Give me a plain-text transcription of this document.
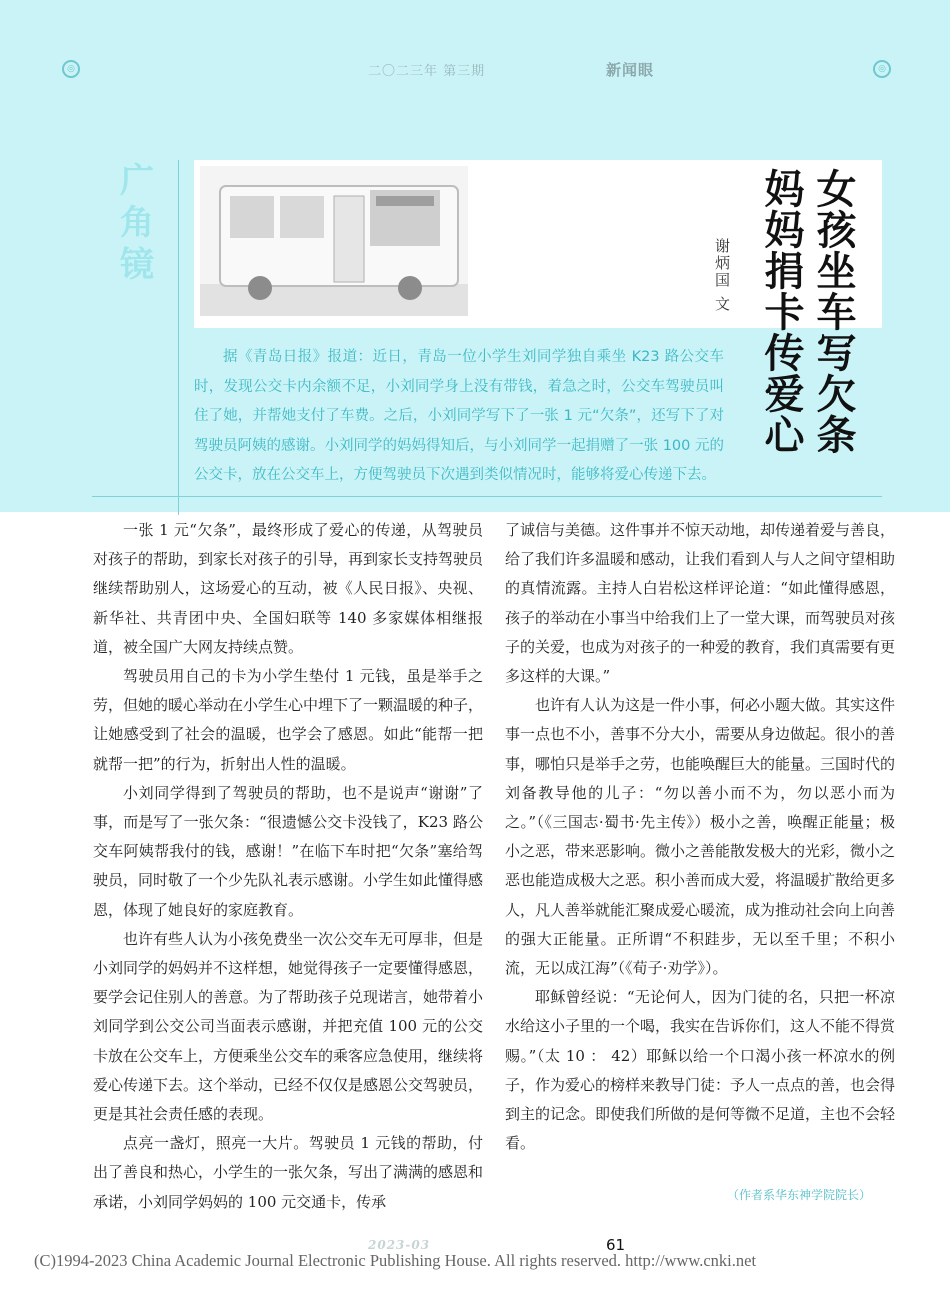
◎	◎
二〇二三年 第三期	新闻眼
广角镜	女孩坐车写欠条
妈妈捐卡传爱心
谢炳国 文

据《青岛日报》报道：近日，青岛一位小学生刘同学独自乘坐 K23 路公交车时，发现公交卡内余额不足，小刘同学身上没有带钱，着急之时，公交车驾驶员叫住了她，并帮她支付了车费。之后，小刘同学写下了一张 1 元“欠条”，还写下了对驾驶员阿姨的感谢。小刘同学的妈妈得知后，与小刘同学一起捐赠了一张 100 元的公交卡，放在公交车上，方便驾驶员下次遇到类似情况时，能够将爱心传递下去。

一张 1 元“欠条”，最终形成了爱心的传递，从驾驶员对孩子的帮助，到家长对孩子的引导，再到家长支持驾驶员继续帮助别人，这场爱心的互动，被《人民日报》、央视、新华社、共青团中央、全国妇联等 140 多家媒体相继报道，被全国广大网友持续点赞。

驾驶员用自己的卡为小学生垫付 1 元钱，虽是举手之劳，但她的暖心举动在小学生心中埋下了一颗温暖的种子，让她感受到了社会的温暖，也学会了感恩。如此“能帮一把就帮一把”的行为，折射出人性的温暖。

小刘同学得到了驾驶员的帮助，也不是说声“谢谢”了事，而是写了一张欠条：“很遗憾公交卡没钱了，K23 路公交车阿姨帮我付的钱，感谢！”在临下车时把“欠条”塞给驾驶员，同时敬了一个少先队礼表示感谢。小学生如此懂得感恩，体现了她良好的家庭教育。

也许有些人认为小孩免费坐一次公交车无可厚非，但是小刘同学的妈妈并不这样想，她觉得孩子一定要懂得感恩，要学会记住别人的善意。为了帮助孩子兑现诺言，她带着小刘同学到公交公司当面表示感谢，并把充值 100 元的公交卡放在公交车上，方便乘坐公交车的乘客应急使用，继续将爱心传递下去。这个举动，已经不仅仅是感恩公交驾驶员，更是其社会责任感的表现。

点亮一盏灯，照亮一大片。驾驶员 1 元钱的帮助，付出了善良和热心，小学生的一张欠条，写出了满满的感恩和承诺，小刘同学妈妈的 100 元交通卡，传承

了诚信与美德。这件事并不惊天动地，却传递着爱与善良，给了我们许多温暖和感动，让我们看到人与人之间守望相助的真情流露。主持人白岩松这样评论道：“如此懂得感恩，孩子的举动在小事当中给我们上了一堂大课，而驾驶员对孩子的关爱，也成为对孩子的一种爱的教育，我们真需要有更多这样的大课。”

也许有人认为这是一件小事，何必小题大做。其实这件事一点也不小，善事不分大小，需要从身边做起。很小的善事，哪怕只是举手之劳，也能唤醒巨大的能量。三国时代的刘备教导他的儿子：“勿以善小而不为，勿以恶小而为之。”（《三国志·蜀书·先主传》）极小之善，唤醒正能量；极小之恶，带来恶影响。微小之善能散发极大的光彩，微小之恶也能造成极大之恶。积小善而成大爱，将温暖扩散给更多人，凡人善举就能汇聚成爱心暖流，成为推动社会向上向善的强大正能量。正所谓“不积跬步，无以至千里；不积小流，无以成江海”（《荀子·劝学》）。

耶稣曾经说：“无论何人，因为门徒的名，只把一杯凉水给这小子里的一个喝，我实在告诉你们，这人不能不得赏赐。”（太 10 ： 42）耶稣以给一个口渴小孩一杯凉水的例子，作为爱心的榜样来教导门徒：予人一点点的善，也会得到主的记念。即使我们所做的是何等微不足道，主也不会轻看。

（作者系华东神学院院长）
2023-03	61
(C)1994-2023 China Academic Journal Electronic Publishing House. All rights reserved. http://www.cnki.net
